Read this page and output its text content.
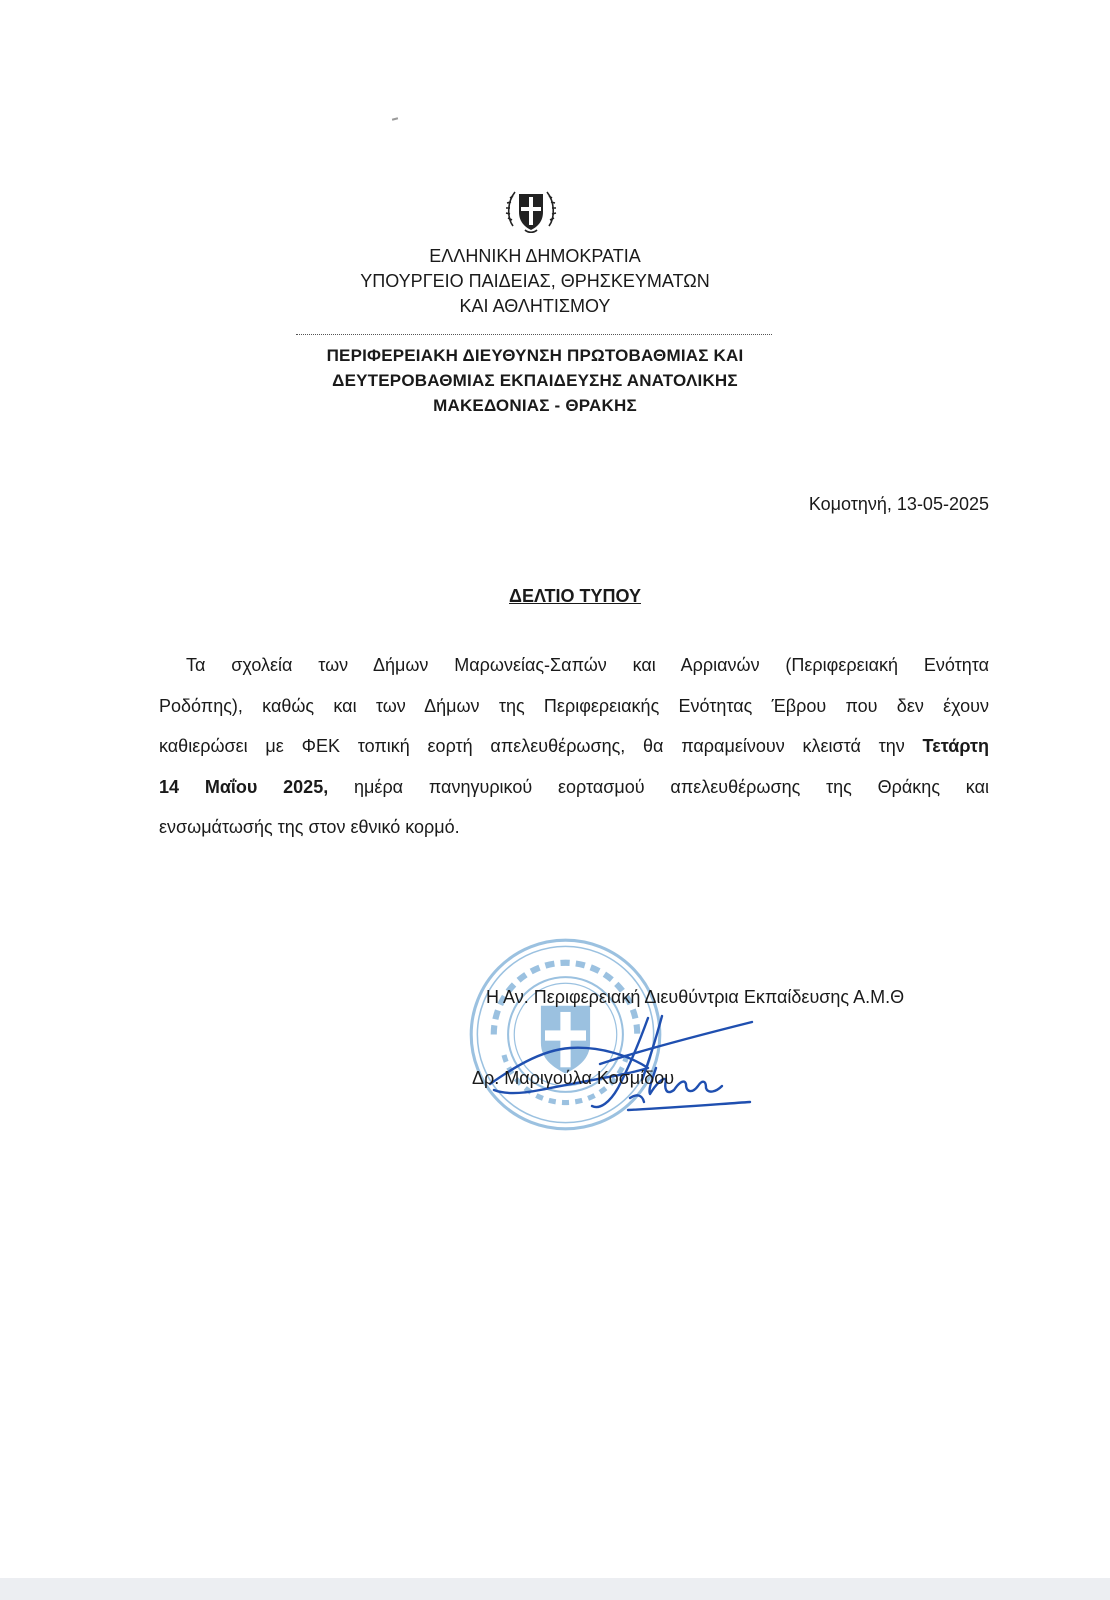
ΕΛΛΗΝΙΚΗ ΔΗΜΟΚΡΑΤΙΑ
ΥΠΟΥΡΓΕΙΟ ΠΑΙΔΕΙΑΣ, ΘΡΗΣΚΕΥΜΑΤΩΝ
ΚΑΙ ΑΘΛΗΤΙΣΜΟΥ
ΠΕΡΙΦΕΡΕΙΑΚΗ ΔΙΕΥΘΥΝΣΗ ΠΡΩΤΟΒΑΘΜΙΑΣ ΚΑΙ
ΔΕΥΤΕΡΟΒΑΘΜΙΑΣ ΕΚΠΑΙΔΕΥΣΗΣ ΑΝΑΤΟΛΙΚΗΣ
ΜΑΚΕΔΟΝΙΑΣ - ΘΡΑΚΗΣ
Κομοτηνή, 13-05-2025
ΔΕΛΤΙΟ ΤΥΠΟΥ
Τα σχολεία των Δήμων Μαρωνείας-Σαπών και Αρριανών (Περιφερειακή Ενότητα
Ροδόπης), καθώς και των Δήμων της Περιφερειακής Ενότητας Έβρου που δεν έχουν
καθιερώσει με ΦΕΚ τοπική εορτή απελευθέρωσης, θα παραμείνουν κλειστά την Τετάρτη
14 Μαΐου 2025, ημέρα πανηγυρικού εορτασμού απελευθέρωσης της Θράκης και
ενσωμάτωσής της στον εθνικό κορμό.
Η Αν. Περιφερειακή Διευθύντρια Εκπαίδευσης Α.Μ.Θ
Δρ. Μαριγούλα Κοσμίδου
